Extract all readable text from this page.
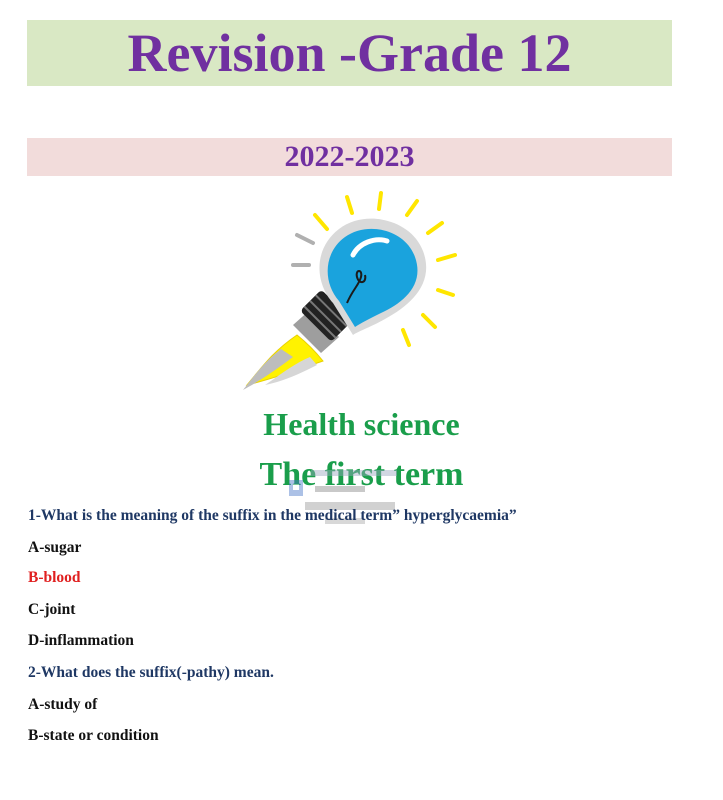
Revision -Grade 12
2022-2023
Health science
The first term
1-What is the meaning of the suffix in the medical term” hyperglycaemia”
A-sugar
B-blood
C-joint
D-inflammation
2-What does the suffix(-pathy) mean.
A-study of
B-state or condition
